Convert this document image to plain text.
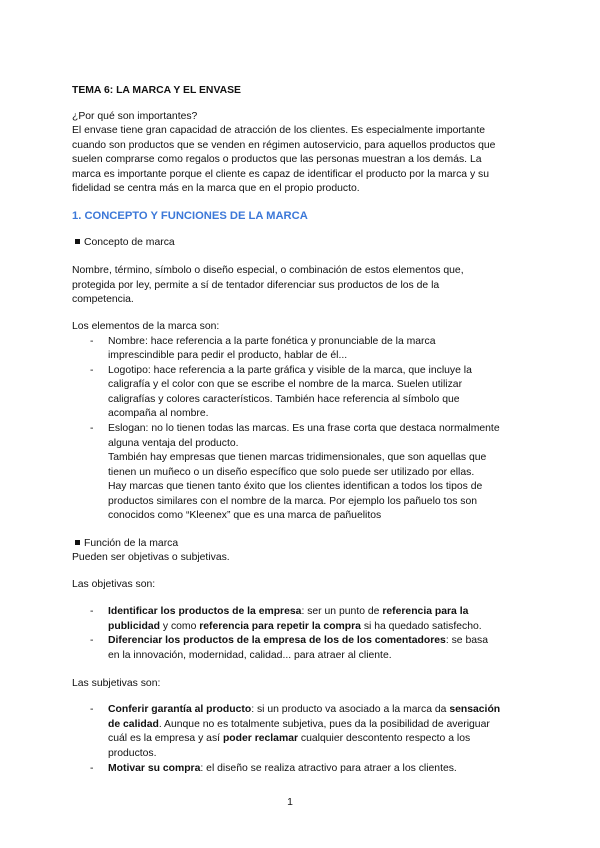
TEMA 6: LA MARCA Y EL ENVASE
¿Por qué son importantes?
El envase tiene gran capacidad de atracción de los clientes. Es especialmente importante
cuando son productos que se venden en régimen autoservicio, para aquellos productos que
suelen comprarse como regalos o productos que las personas muestran a los demás. La
marca es importante porque el cliente es capaz de identificar el producto por la marca y su
fidelidad se centra más en la marca que en el propio producto.
1. CONCEPTO Y FUNCIONES DE LA MARCA
Concepto de marca
Nombre, término, símbolo o diseño especial, o combinación de estos elementos que,
protegida por ley, permite a sí de tentador diferenciar sus productos de los de la
competencia.
Los elementos de la marca son:
- Nombre: hace referencia a la parte fonética y pronunciable de la marca
imprescindible para pedir el producto, hablar de él...
- Logotipo: hace referencia a la parte gráfica y visible de la marca, que incluye la
caligrafía y el color con que se escribe el nombre de la marca. Suelen utilizar
caligrafías y colores característicos. También hace referencia al símbolo que
acompaña al nombre.
- Eslogan: no lo tienen todas las marcas. Es una frase corta que destaca normalmente
alguna ventaja del producto.
También hay empresas que tienen marcas tridimensionales, que son aquellas que
tienen un muñeco o un diseño específico que solo puede ser utilizado por ellas.
Hay marcas que tienen tanto éxito que los clientes identifican a todos los tipos de
productos similares con el nombre de la marca. Por ejemplo los pañuelo tos son
conocidos como “Kleenex” que es una marca de pañuelitos
Función de la marca
Pueden ser objetivas o subjetivas.
Las objetivas son:
- Identificar los productos de la empresa: ser un punto de referencia para la
publicidad y como referencia para repetir la compra si ha quedado satisfecho.
- Diferenciar los productos de la empresa de los de los comentadores: se basa
en la innovación, modernidad, calidad... para atraer al cliente.
Las subjetivas son:
- Conferir garantía al producto: si un producto va asociado a la marca da sensación
de calidad. Aunque no es totalmente subjetiva, pues da la posibilidad de averiguar
cuál es la empresa y así poder reclamar cualquier descontento respecto a los
productos.
- Motivar su compra: el diseño se realiza atractivo para atraer a los clientes.
1
